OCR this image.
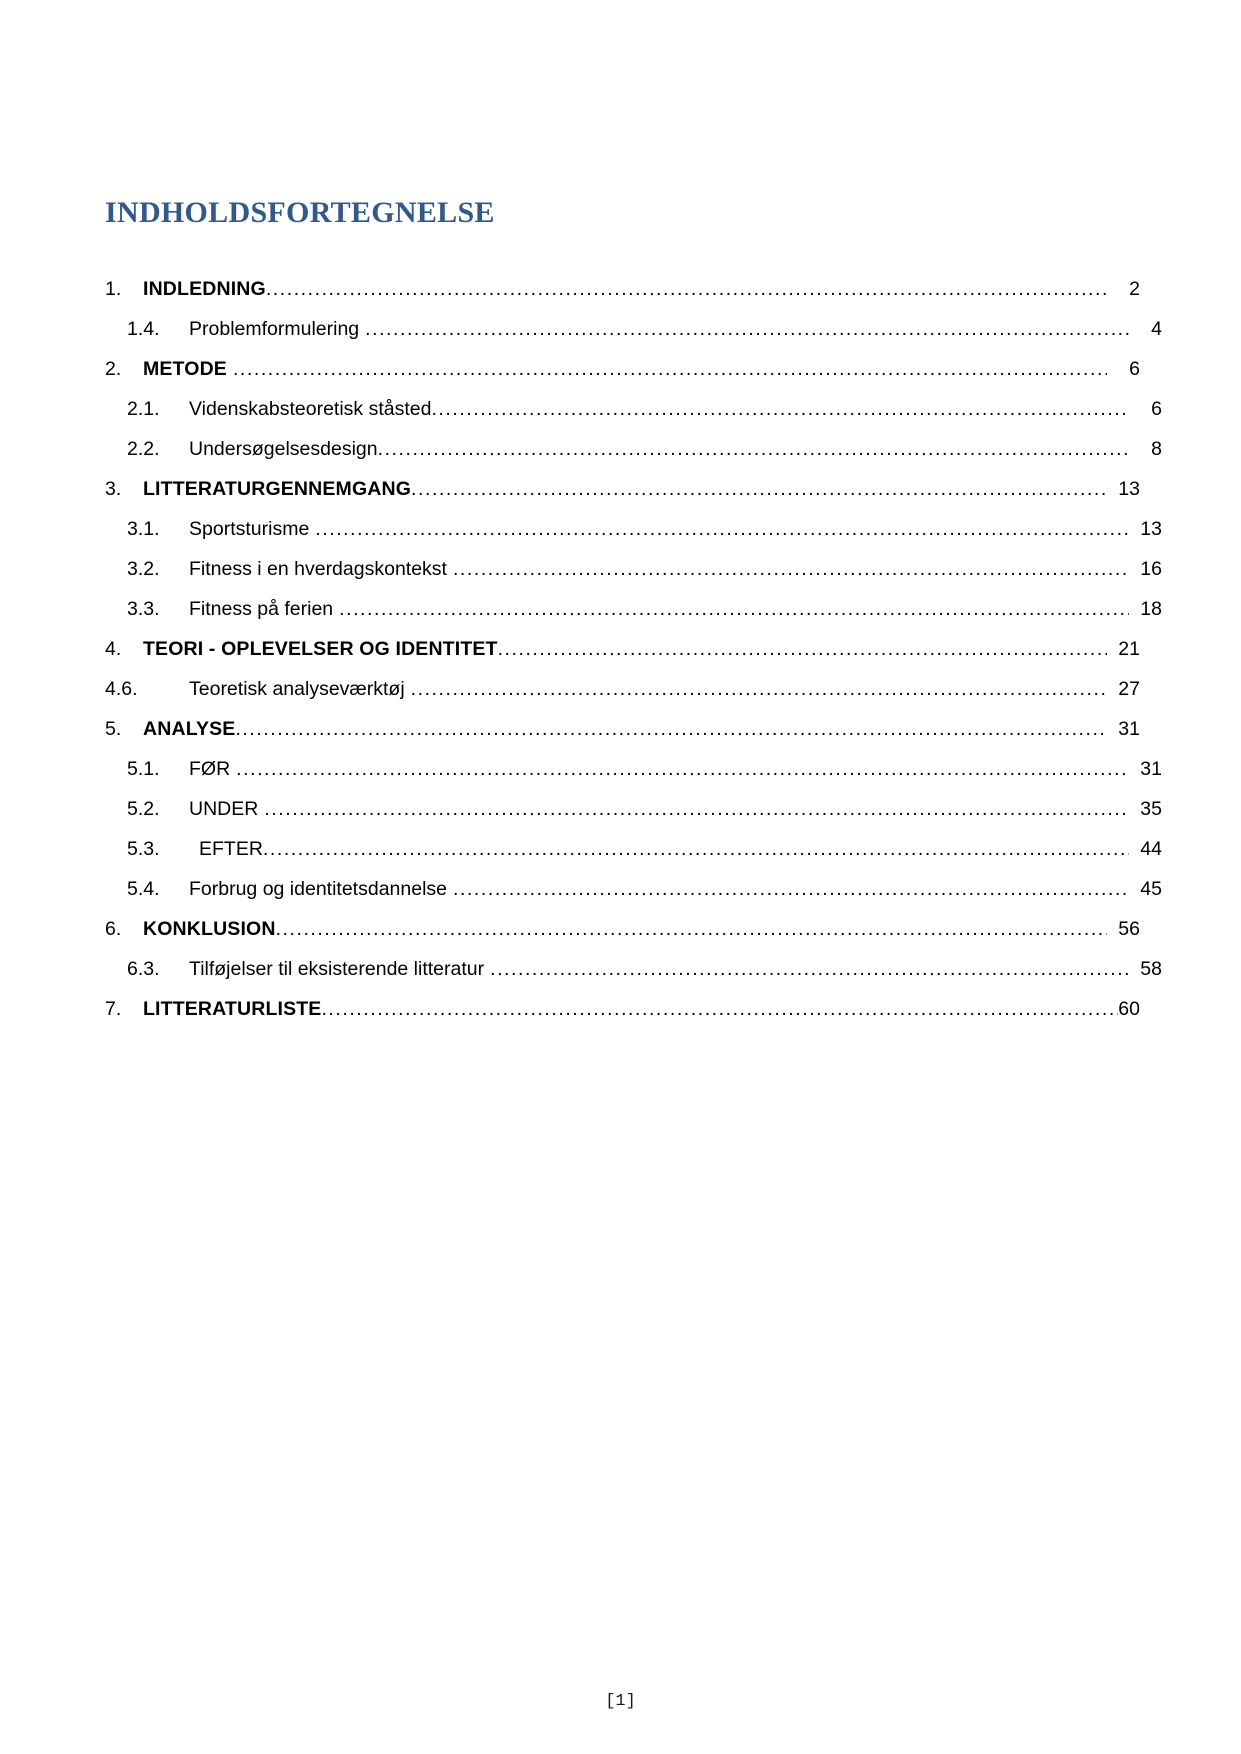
INDHOLDSFORTEGNELSE
1.	INDLEDNING .....	2
1.4.	Problemformulering .....	4
2.	METODE .....	6
2.1.	Videnskabsteoretisk ståsted .....	6
2.2.	Undersøgelsesdesign .....	8
3.	LITTERATURGENNEMGANG .....	13
3.1.	Sportsturisme .....	13
3.2.	Fitness i en hverdagskontekst .....	16
3.3.	Fitness på ferien .....	18
4.	TEORI - OPLEVELSER OG IDENTITET .....	21
4.6.	Teoretisk analyseværktøj .....	27
5.	ANALYSE .....	31
5.1.	FØR .....	31
5.2.	UNDER .....	35
5.3.	EFTER .....	44
5.4.	Forbrug og identitetsdannelse .....	45
6.	KONKLUSION .....	56
6.3.	Tilføjelser til eksisterende litteratur .....	58
7.	LITTERATURLISTE .....	60
[1]
